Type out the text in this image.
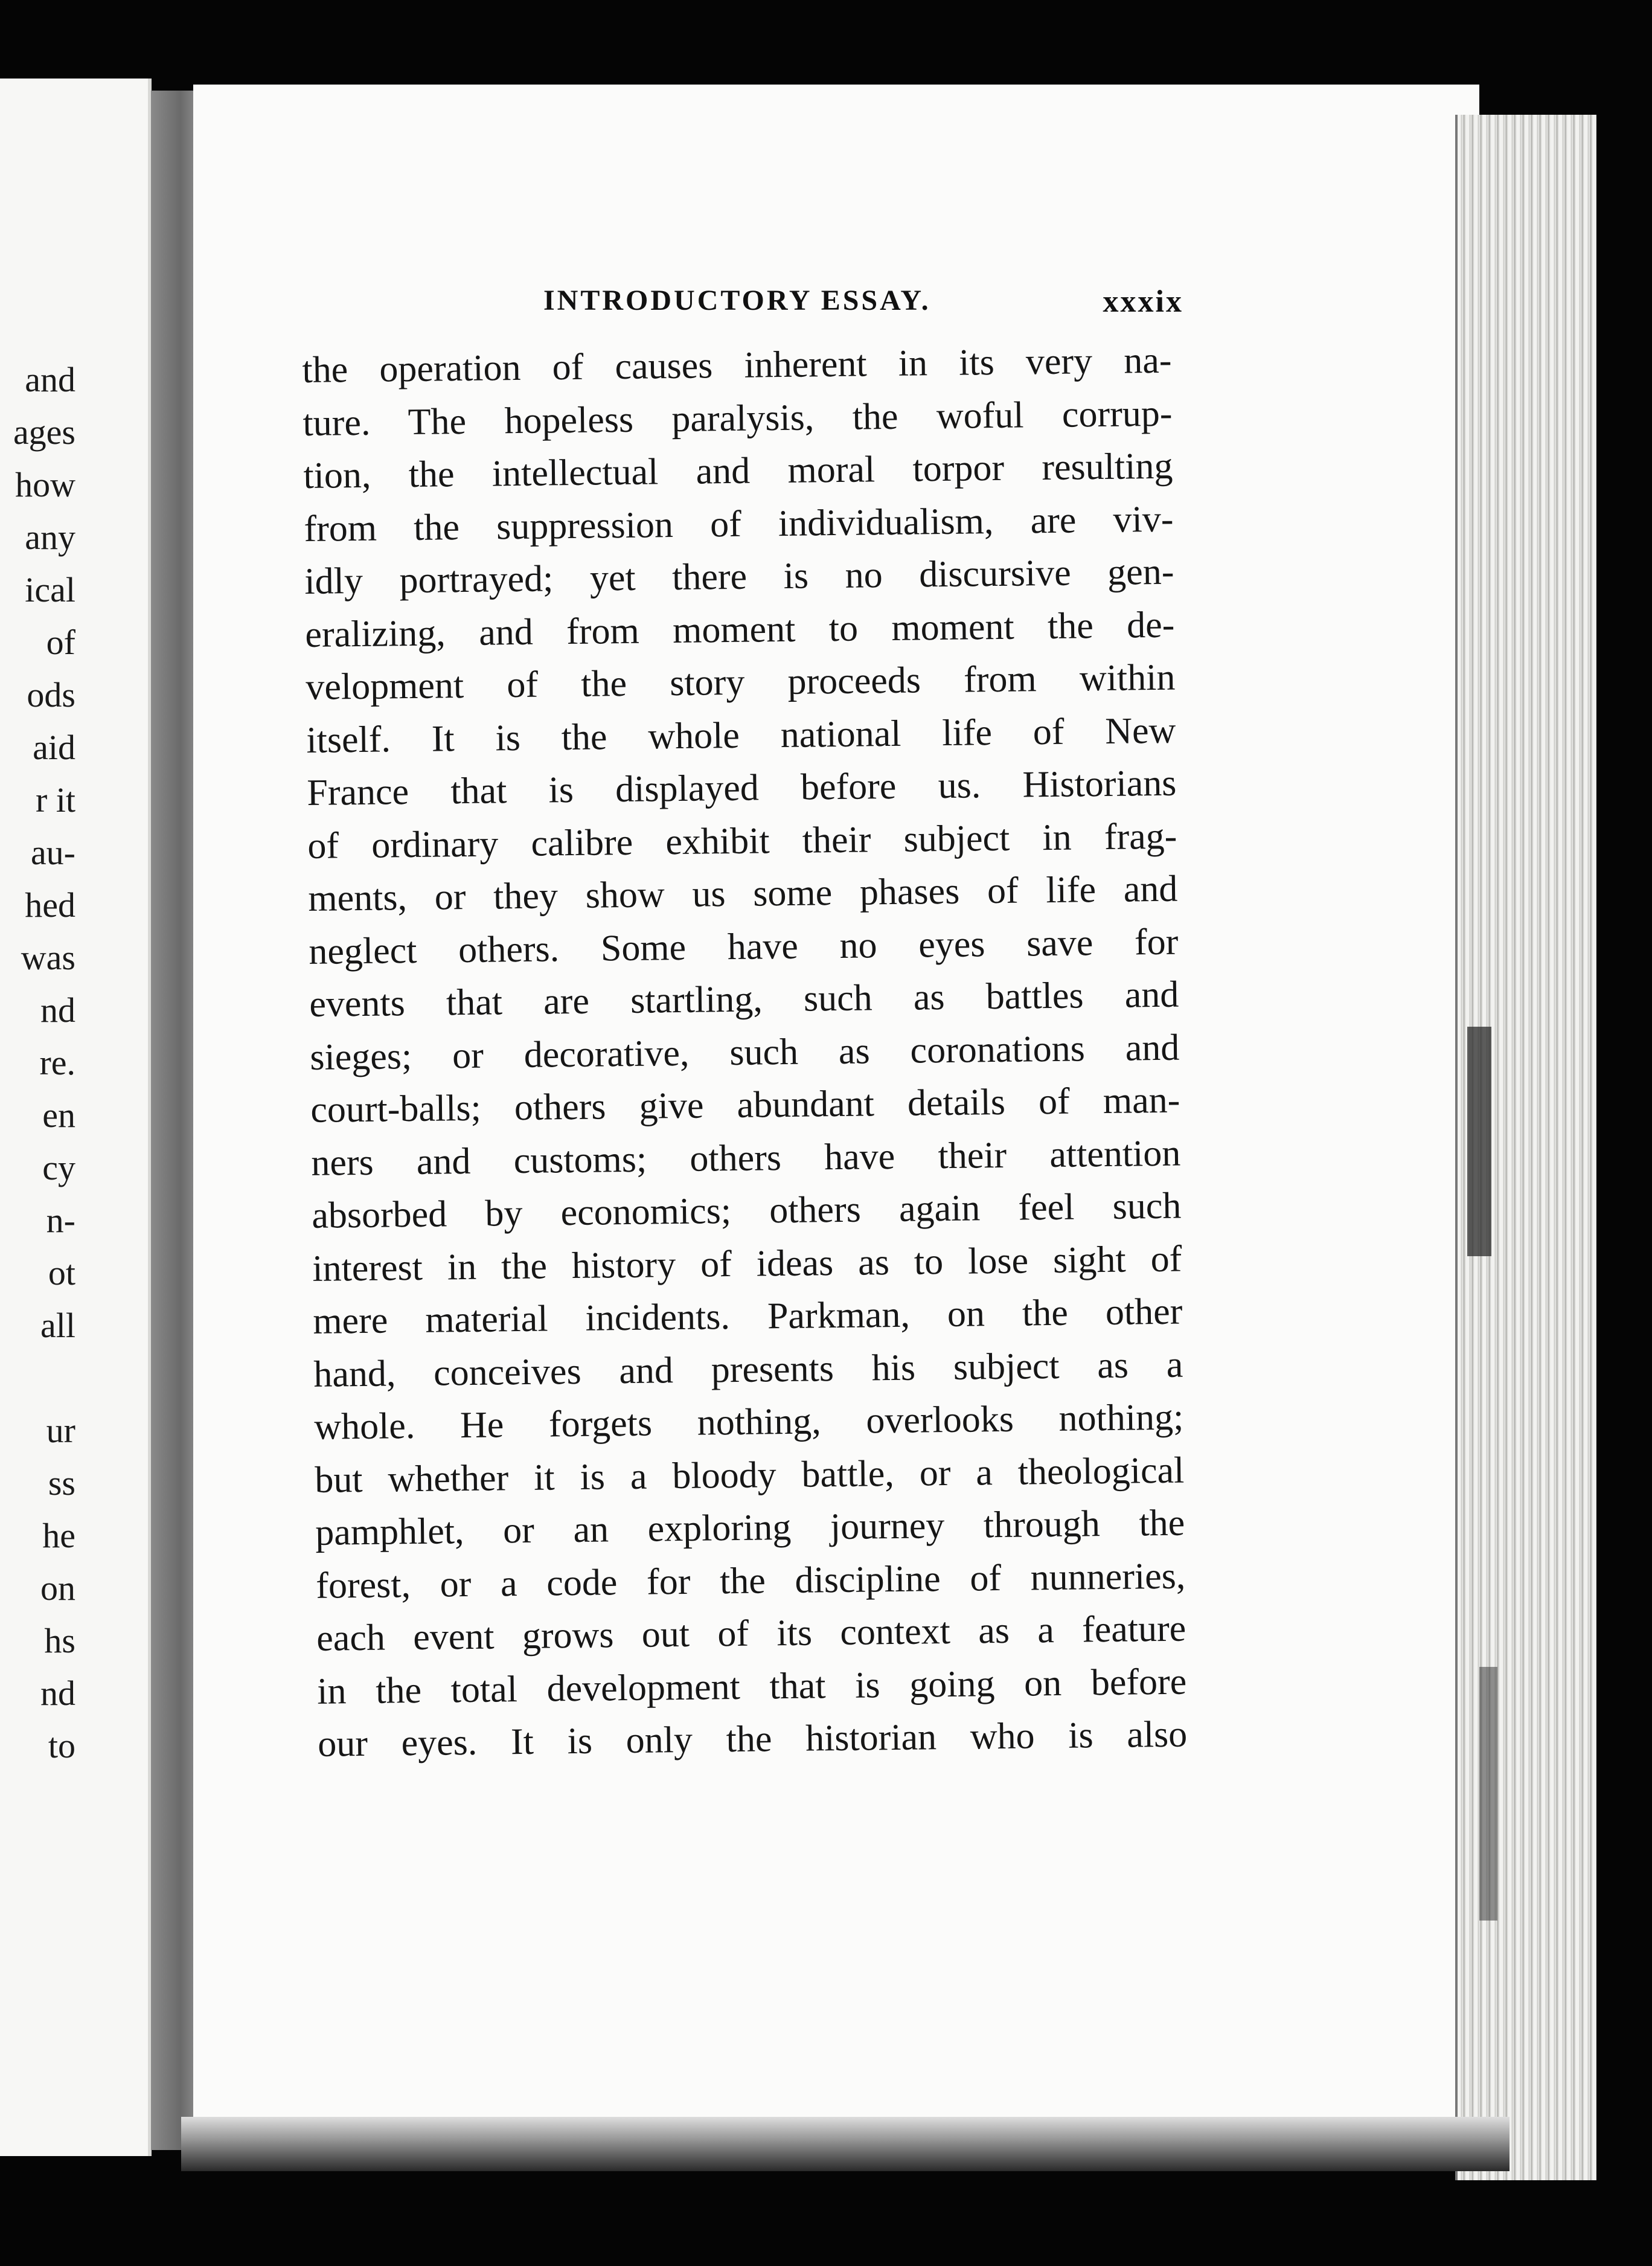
and
ages
how
any
ical
of
ods
aid
r it
au-
hed
was
nd
re.
en
cy
n-
ot
all
ur
ss
he
on
hs
nd
to
INTRODUCTORY ESSAY.	xxxix
the operation of causes inherent in its very na-
ture. The hopeless paralysis, the woful corrup-
tion, the intellectual and moral torpor resulting
from the suppression of individualism, are viv-
idly portrayed; yet there is no discursive gen-
eralizing, and from moment to moment the de-
velopment of the story proceeds from within
itself. It is the whole national life of New
France that is displayed before us. Historians
of ordinary calibre exhibit their subject in frag-
ments, or they show us some phases of life and
neglect others. Some have no eyes save for
events that are startling, such as battles and
sieges; or decorative, such as coronations and
court-balls; others give abundant details of man-
ners and customs; others have their attention
absorbed by economics; others again feel such
interest in the history of ideas as to lose sight of
mere material incidents. Parkman, on the other
hand, conceives and presents his subject as a
whole. He forgets nothing, overlooks nothing;
but whether it is a bloody battle, or a theological
pamphlet, or an exploring journey through the
forest, or a code for the discipline of nunneries,
each event grows out of its context as a feature
in the total development that is going on before
our eyes. It is only the historian who is also
